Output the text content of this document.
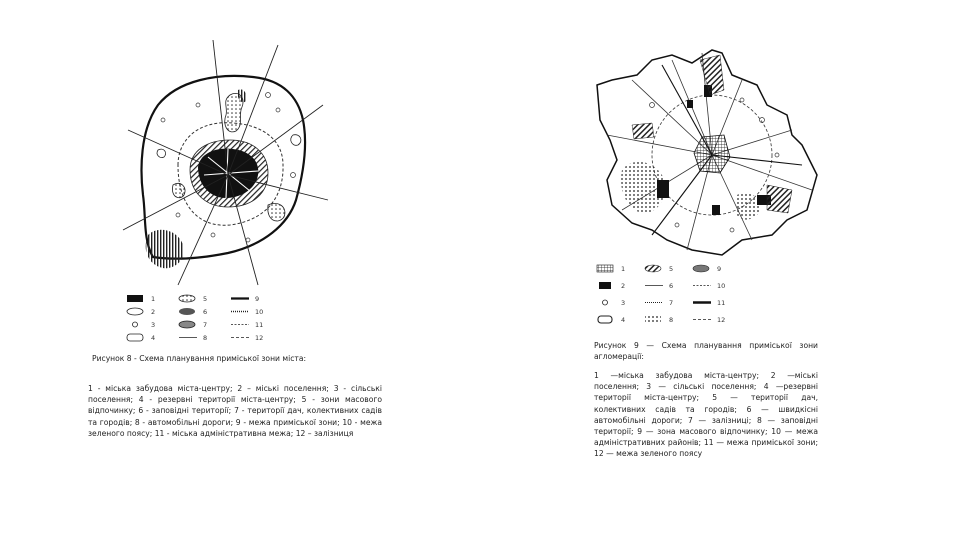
1
2
3
4
5
6
7
8
9
10
11
12
Рисунок 8 - Схема планування приміської зони міста:
1 - міська забудова міста-центру; 2 – міські поселення; 3 - сільські поселення; 4 - резервні території міста-центру; 5 - зони масового відпочинку; 6 - заповідні території; 7 - території дач, колективних садів та городів; 8 - автомобільні дороги; 9 - межа приміської зони; 10 - межа зеленого поясу; 11 - міська адміністративна межа; 12 – залізниця
1
2
3
4
5
6
7
8
9
10
11
12
Рисунок 9 — Схема планування приміської зони агломерації:
1 —міська забудова міста-центру; 2 —міські поселення; 3 — сільські поселення; 4 —резервні території міста-центру; 5 — території дач, колективних садів та городів; 6 — швидкісні автомобільні дороги; 7 — залізниці; 8 — заповідні території; 9 — зона масового відпочинку; 10 — межа адміністративних районів; 11 — межа приміської зони; 12 — межа зеленого поясу
